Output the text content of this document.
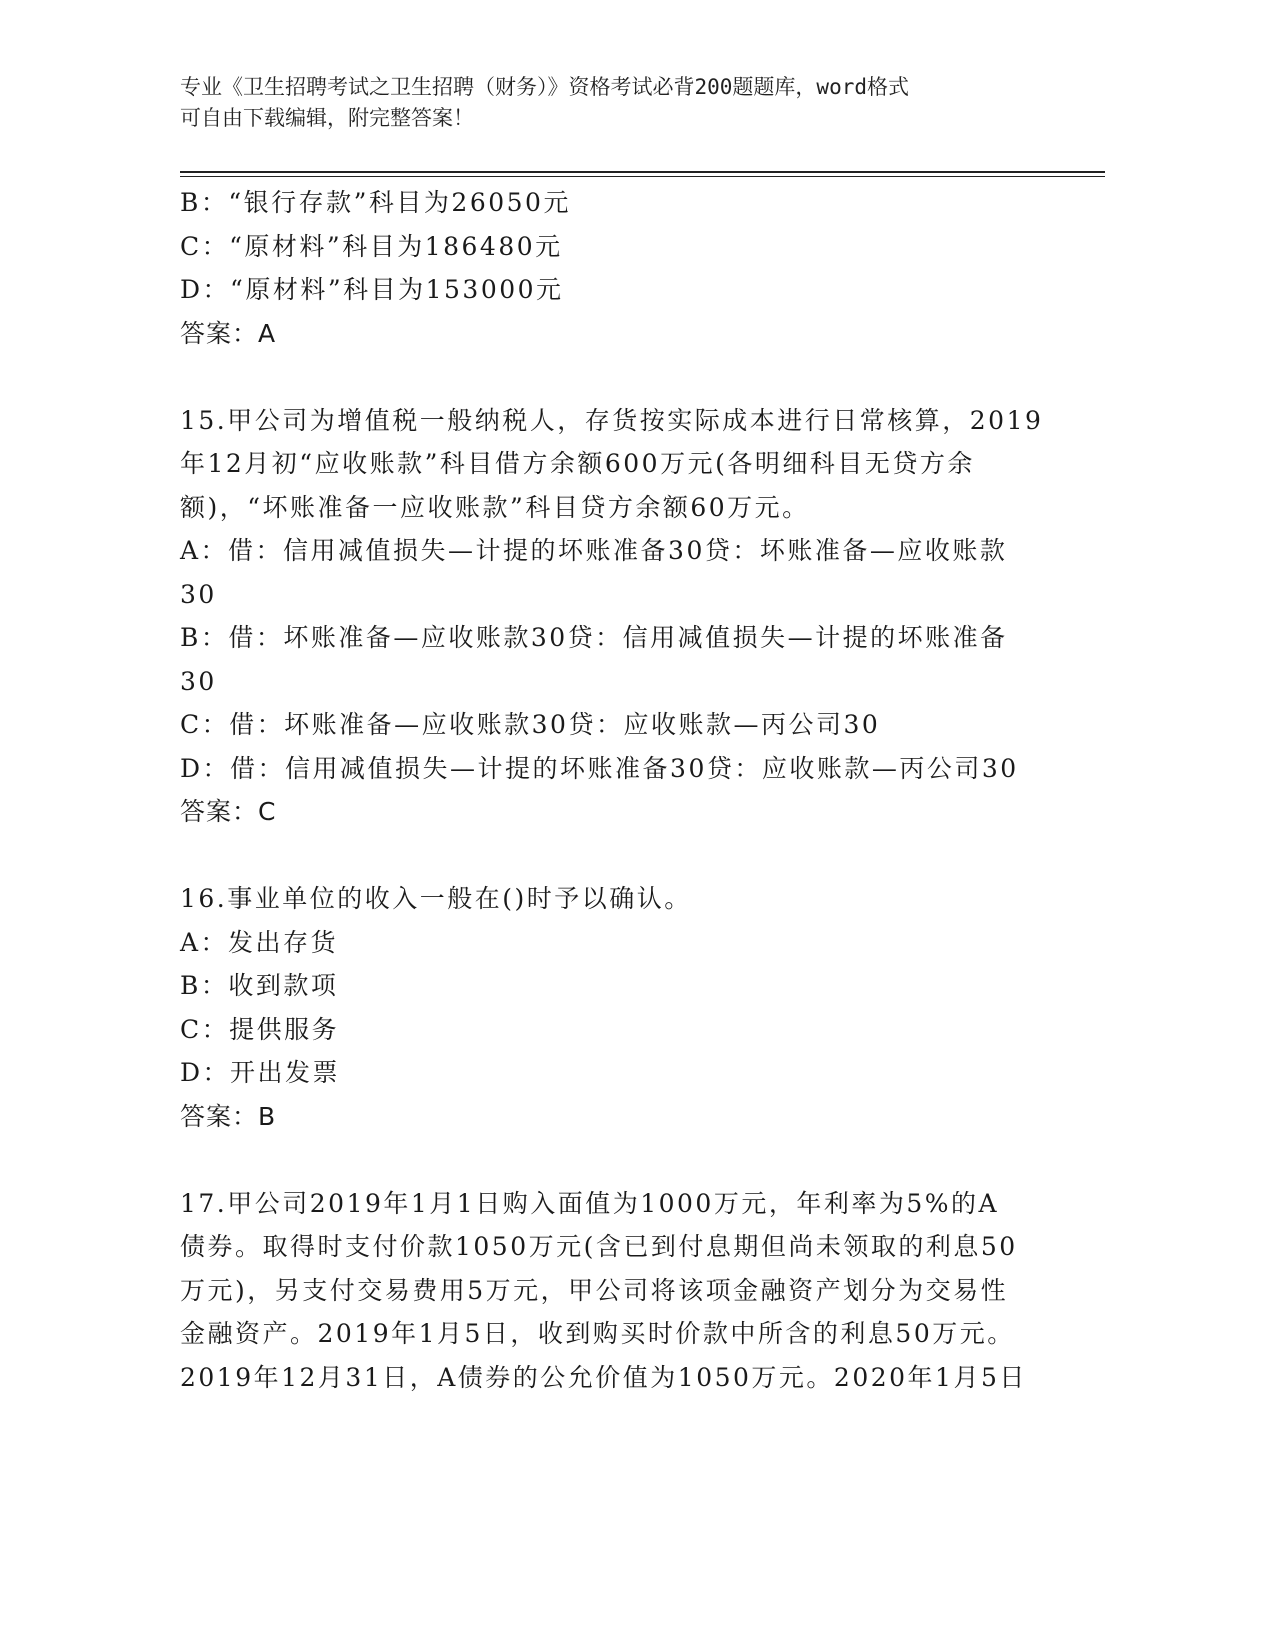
专业《卫生招聘考试之卫生招聘（财务）》资格考试必背200题题库，word格式
可自由下载编辑，附完整答案！
B：“银行存款”科目为26050元
C：“原材料”科目为186480元
D：“原材料”科目为153000元
答案：A
15.甲公司为增值税一般纳税人，存货按实际成本进行日常核算，2019
年12月初“应收账款”科目借方余额600万元(各明细科目无贷方余
额)，“坏账准备一应收账款”科目贷方余额60万元。
A：借：信用减值损失—计提的坏账准备30贷：坏账准备—应收账款
30
B：借：坏账准备—应收账款30贷：信用减值损失—计提的坏账准备
30
C：借：坏账准备—应收账款30贷：应收账款—丙公司30
D：借：信用减值损失—计提的坏账准备30贷：应收账款—丙公司30
答案：C
16.事业单位的收入一般在()时予以确认。
A：发出存货
B：收到款项
C：提供服务
D：开出发票
答案：B
17.甲公司2019年1月1日购入面值为1000万元，年利率为5%的A
债券。取得时支付价款1050万元(含已到付息期但尚未领取的利息50
万元)，另支付交易费用5万元，甲公司将该项金融资产划分为交易性
金融资产。2019年1月5日，收到购买时价款中所含的利息50万元。
2019年12月31日，A债券的公允价值为1050万元。2020年1月5日
